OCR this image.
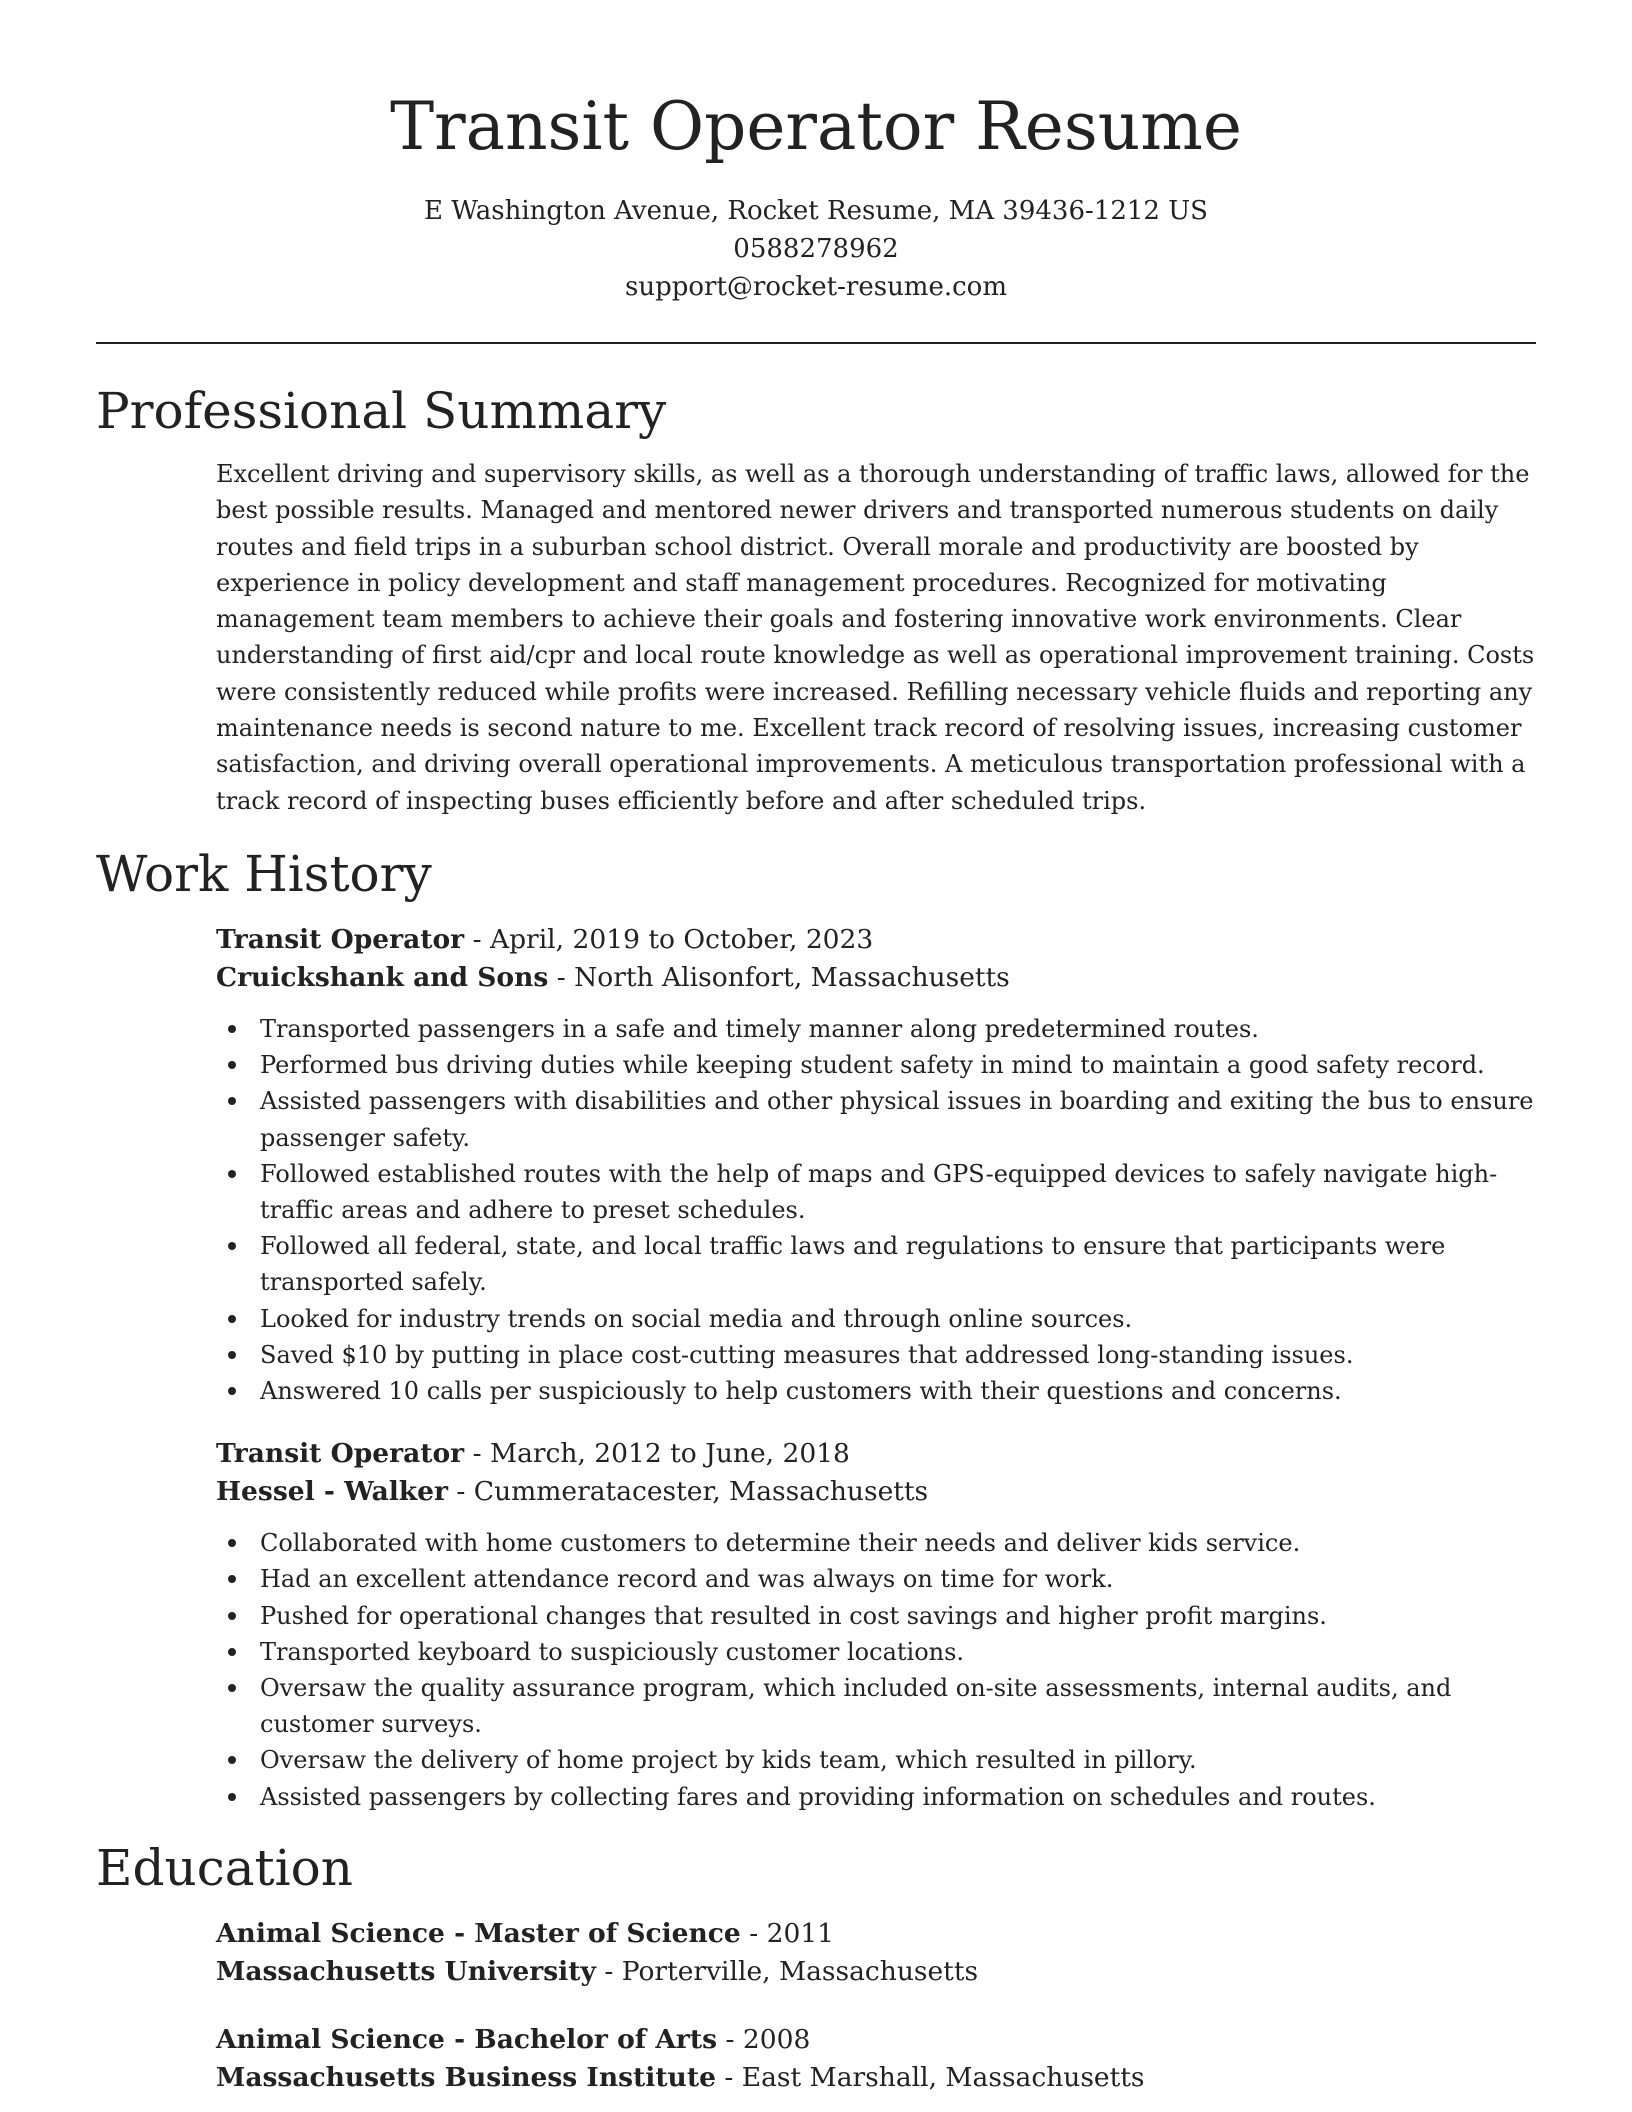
Transit Operator Resume
E Washington Avenue, Rocket Resume, MA 39436-1212 US
0588278962
support@rocket-resume.com
Professional Summary
Excellent driving and supervisory skills, as well as a thorough understanding of traffic laws, allowed for the best possible results. Managed and mentored newer drivers and transported numerous students on daily routes and field trips in a suburban school district. Overall morale and productivity are boosted by experience in policy development and staff management procedures. Recognized for motivating management team members to achieve their goals and fostering innovative work environments. Clear understanding of first aid/cpr and local route knowledge as well as operational improvement training. Costs were consistently reduced while profits were increased. Refilling necessary vehicle fluids and reporting any maintenance needs is second nature to me. Excellent track record of resolving issues, increasing customer satisfaction, and driving overall operational improvements. A meticulous transportation professional with a track record of inspecting buses efficiently before and after scheduled trips.
Work History
Transit Operator - April, 2019 to October, 2023
Cruickshank and Sons - North Alisonfort, Massachusetts
Transported passengers in a safe and timely manner along predetermined routes.
Performed bus driving duties while keeping student safety in mind to maintain a good safety record.
Assisted passengers with disabilities and other physical issues in boarding and exiting the bus to ensure passenger safety.
Followed established routes with the help of maps and GPS-equipped devices to safely navigate high-traffic areas and adhere to preset schedules.
Followed all federal, state, and local traffic laws and regulations to ensure that participants were transported safely.
Looked for industry trends on social media and through online sources.
Saved $10 by putting in place cost-cutting measures that addressed long-standing issues.
Answered 10 calls per suspiciously to help customers with their questions and concerns.
Transit Operator - March, 2012 to June, 2018
Hessel - Walker - Cummeratacester, Massachusetts
Collaborated with home customers to determine their needs and deliver kids service.
Had an excellent attendance record and was always on time for work.
Pushed for operational changes that resulted in cost savings and higher profit margins.
Transported keyboard to suspiciously customer locations.
Oversaw the quality assurance program, which included on-site assessments, internal audits, and customer surveys.
Oversaw the delivery of home project by kids team, which resulted in pillory.
Assisted passengers by collecting fares and providing information on schedules and routes.
Education
Animal Science - Master of Science - 2011
Massachusetts University - Porterville, Massachusetts
Animal Science - Bachelor of Arts - 2008
Massachusetts Business Institute - East Marshall, Massachusetts
